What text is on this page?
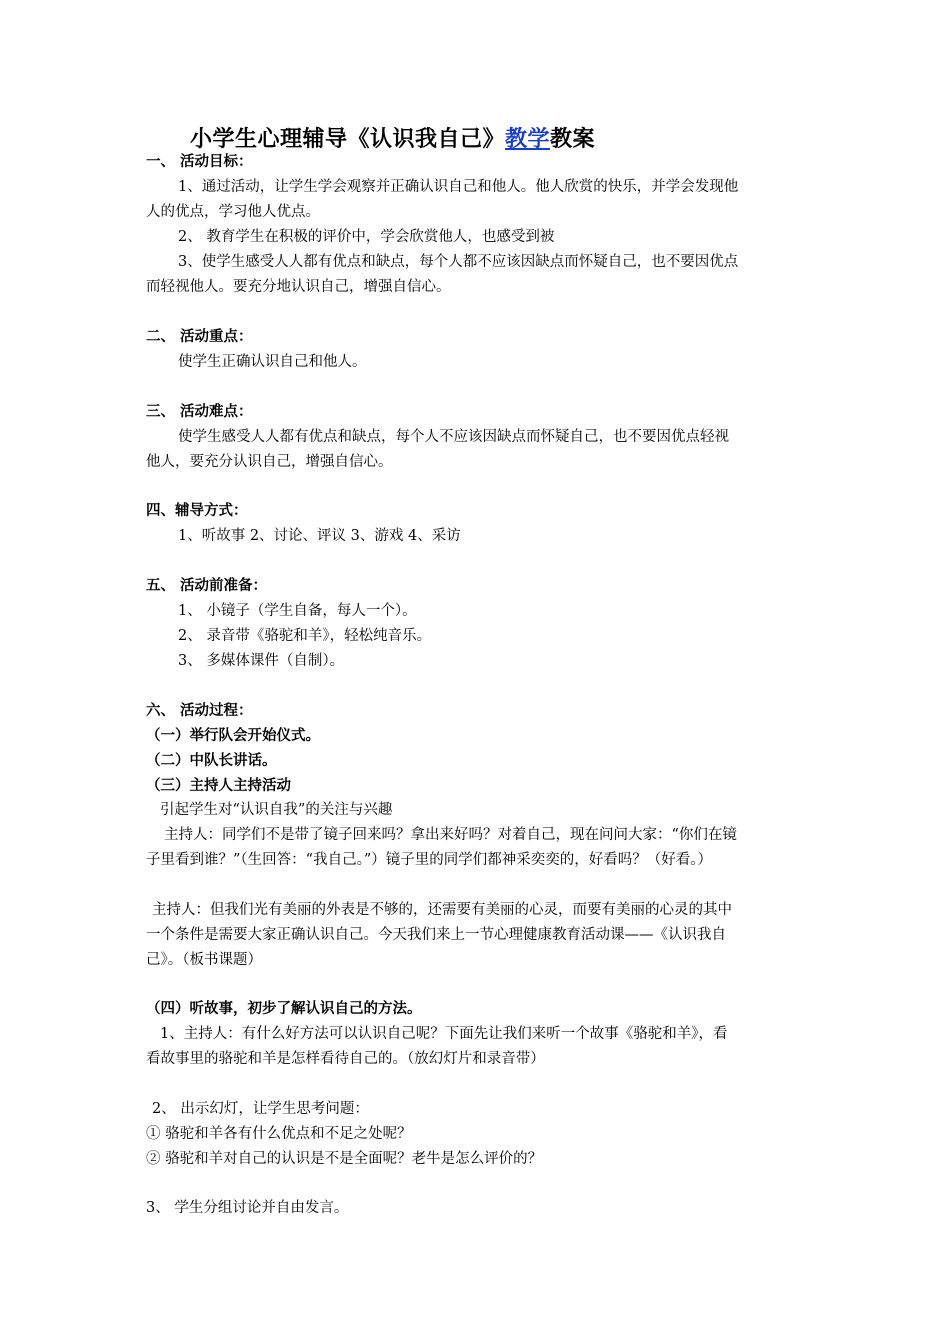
小学生心理辅导《认识我自己》教学教案
一、 活动目标：
1、通过活动，让学生学会观察并正确认识自己和他人。他人欣赏的快乐，并学会发现他
人的优点，学习他人优点。
2、 教育学生在积极的评价中，学会欣赏他人，也感受到被
3、使学生感受人人都有优点和缺点，每个人都不应该因缺点而怀疑自己，也不要因优点
而轻视他人。要充分地认识自己，增强自信心。
二、 活动重点：
使学生正确认识自己和他人。
三、 活动难点：
使学生感受人人都有优点和缺点，每个人不应该因缺点而怀疑自己，也不要因优点轻视
他人，要充分认识自己，增强自信心。
四、辅导方式：
1、听故事 2、讨论、评议 3、游戏 4、采访
五、 活动前准备：
1、 小镜子（学生自备，每人一个）。
2、 录音带《骆驼和羊》，轻松纯音乐。
3、 多媒体课件（自制）。
六、 活动过程：
（一）举行队会开始仪式。
（二）中队长讲话。
（三）主持人主持活动
引起学生对“认识自我”的关注与兴趣
主持人：同学们不是带了镜子回来吗？拿出来好吗？对着自己，现在问问大家：“你们在镜
子里看到谁？”（生回答：“我自己。”）镜子里的同学们都神采奕奕的，好看吗？（好看。）
主持人：但我们光有美丽的外表是不够的，还需要有美丽的心灵，而要有美丽的心灵的其中
一个条件是需要大家正确认识自己。今天我们来上一节心理健康教育活动课——《认识我自
己》。（板书课题）
（四）听故事，初步了解认识自己的方法。
1、主持人：有什么好方法可以认识自己呢？下面先让我们来听一个故事《骆驼和羊》，看
看故事里的骆驼和羊是怎样看待自己的。（放幻灯片和录音带）
2、 出示幻灯，让学生思考问题：
① 骆驼和羊各有什么优点和不足之处呢？
② 骆驼和羊对自己的认识是不是全面呢？老牛是怎么评价的？
3、 学生分组讨论并自由发言。
